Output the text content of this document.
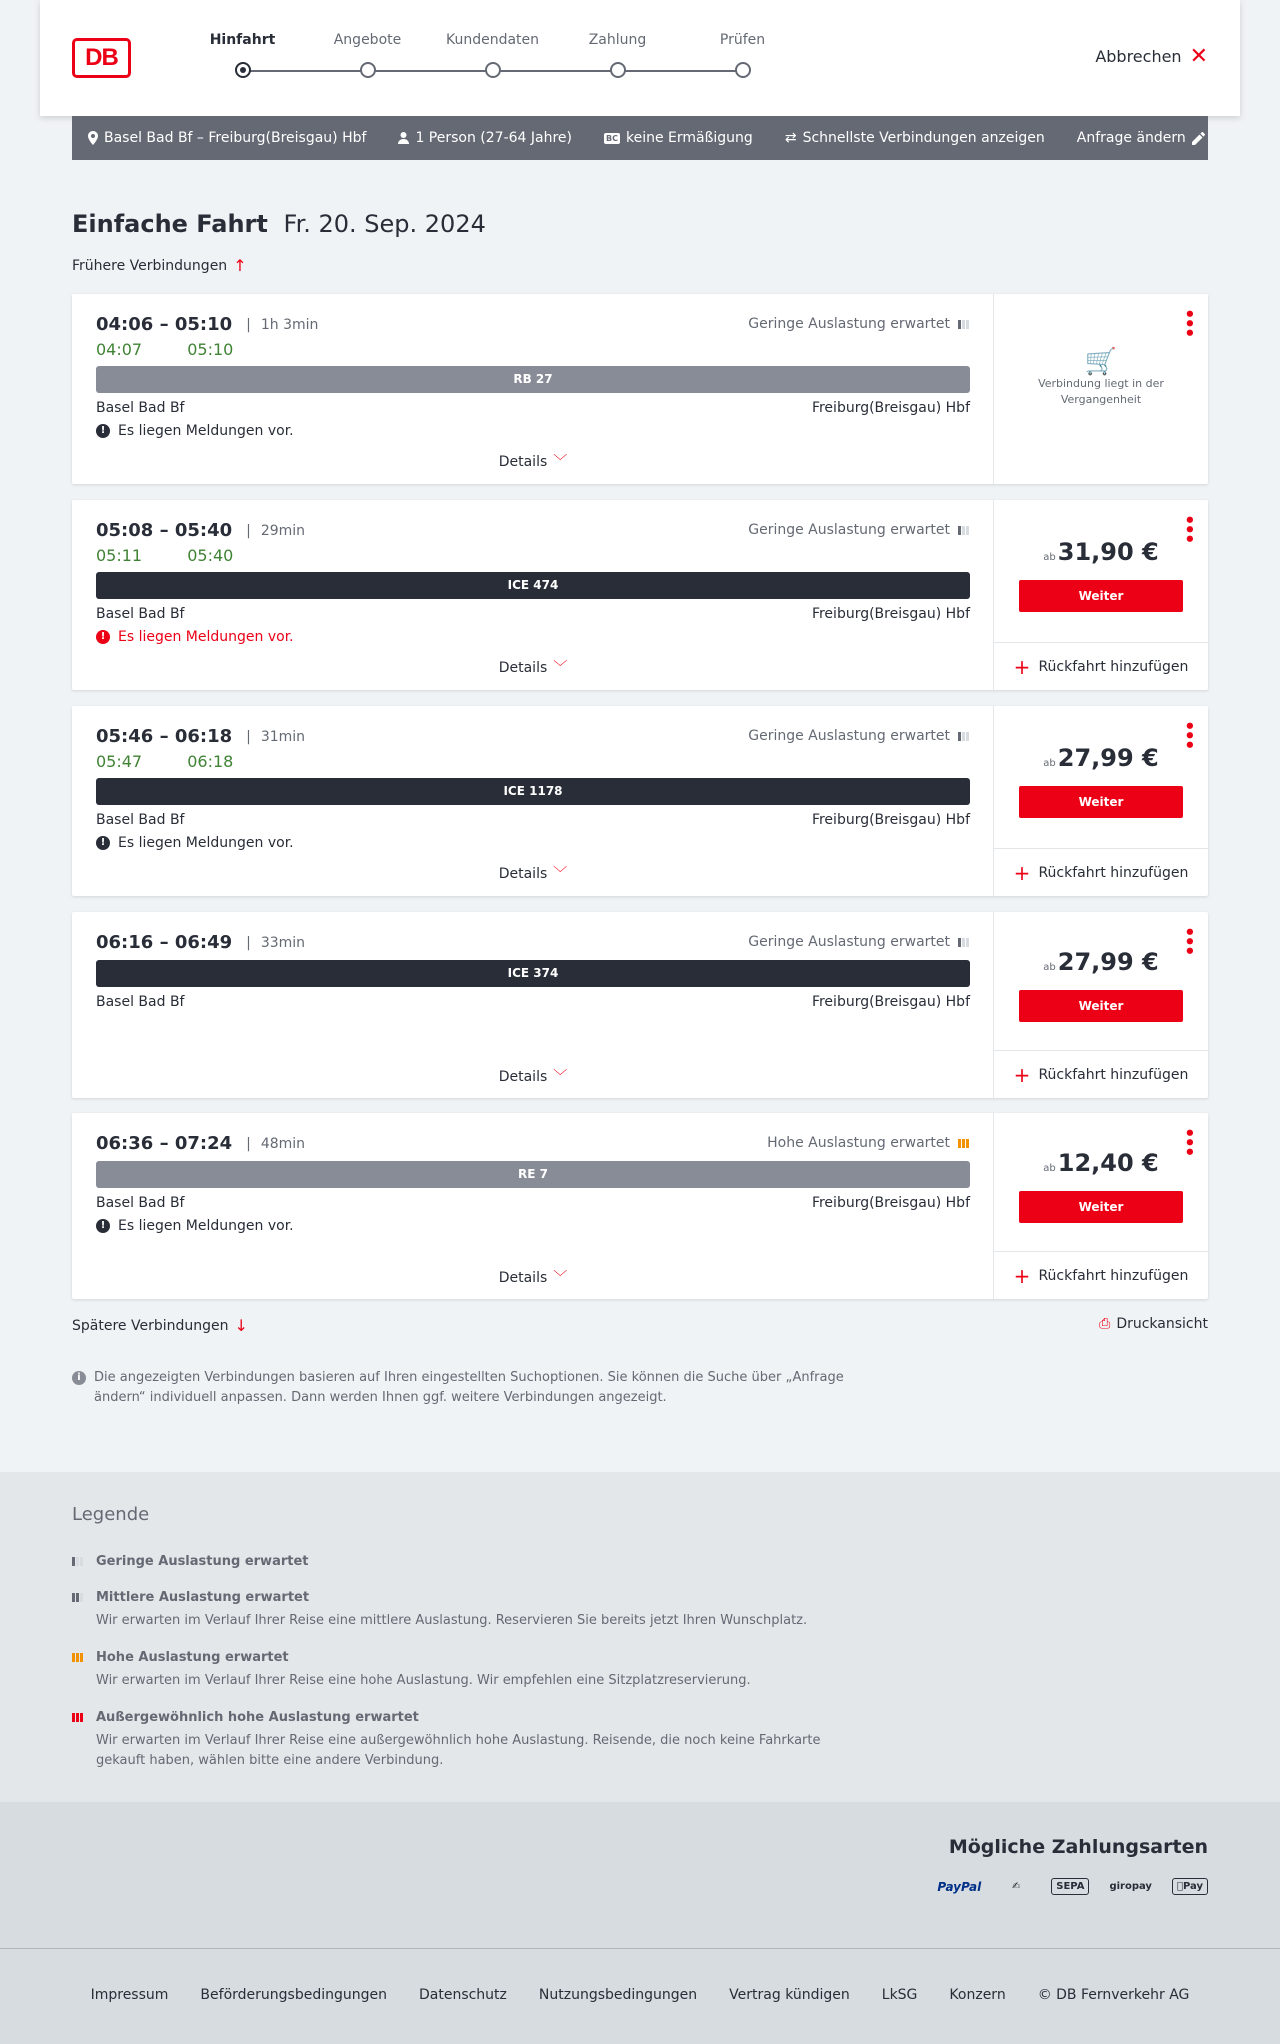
DB
Hinfahrt	Angebote	Kundendaten	Zahlung	Prüfen
Abbrechen ✕
Basel Bad Bf – Freiburg(Breisgau) Hbf	1 Person (27-64 Jahre)	BC keine Ermäßigung ⇄ Schnellste Verbindungen anzeigen Anfrage ändern
Einfache Fahrt Fr. 20. Sep. 2024
Frühere Verbindungen ↑
04:06 – 05:10 | 1h 3min
04:07	05:10
Geringe Auslastung erwartet
RB 27
Basel Bad Bf	Freiburg(Breisgau) Hbf
! Es liegen Meldungen vor.
Details ﹀
•••
🛒
Verbindung liegt in der
Vergangenheit
05:08 – 05:40 | 29min
05:11	05:40
Geringe Auslastung erwartet
ICE 474
Basel Bad Bf	Freiburg(Breisgau) Hbf
! Es liegen Meldungen vor.
Details ﹀
•••
ab31,90 €
Weiter
+ Rückfahrt hinzufügen
05:46 – 06:18 | 31min
05:47	06:18
Geringe Auslastung erwartet
ICE 1178
Basel Bad Bf	Freiburg(Breisgau) Hbf
! Es liegen Meldungen vor.
Details ﹀
•••
ab27,99 €
Weiter
+ Rückfahrt hinzufügen
06:16 – 06:49 | 33min	Geringe Auslastung erwartet
ICE 374
Basel Bad Bf	Freiburg(Breisgau) Hbf
Details ﹀
•••
ab27,99 €
Weiter
+ Rückfahrt hinzufügen
06:36 – 07:24 | 48min	Hohe Auslastung erwartet
RE 7
Basel Bad Bf	Freiburg(Breisgau) Hbf
! Es liegen Meldungen vor.
Details ﹀
•••
ab12,40 €
Weiter
+ Rückfahrt hinzufügen
Spätere Verbindungen ↓	⎙ Druckansicht
i	Die angezeigten Verbindungen basieren auf Ihren eingestellten Suchoptionen. Sie können die Suche über „Anfrage ändern“ individuell anpassen. Dann werden Ihnen ggf. weitere Verbindungen angezeigt.
Legende
Geringe Auslastung erwartet
Mittlere Auslastung erwartet
Wir erwarten im Verlauf Ihrer Reise eine mittlere Auslastung. Reservieren Sie bereits jetzt Ihren Wunschplatz.
Hohe Auslastung erwartet
Wir erwarten im Verlauf Ihrer Reise eine hohe Auslastung. Wir empfehlen eine Sitzplatzreservierung.
Außergewöhnlich hohe Auslastung erwartet
Wir erwarten im Verlauf Ihrer Reise eine außergewöhnlich hohe Auslastung. Reisende, die noch keine Fahrkarte gekauft haben, wählen bitte eine andere Verbindung.
Mögliche Zahlungsarten
PayPal	✍	SEPA	giropay	Pay
Impressum Beförderungsbedingungen Datenschutz Nutzungsbedingungen Vertrag kündigen LkSG Konzern © DB Fernverkehr AG
